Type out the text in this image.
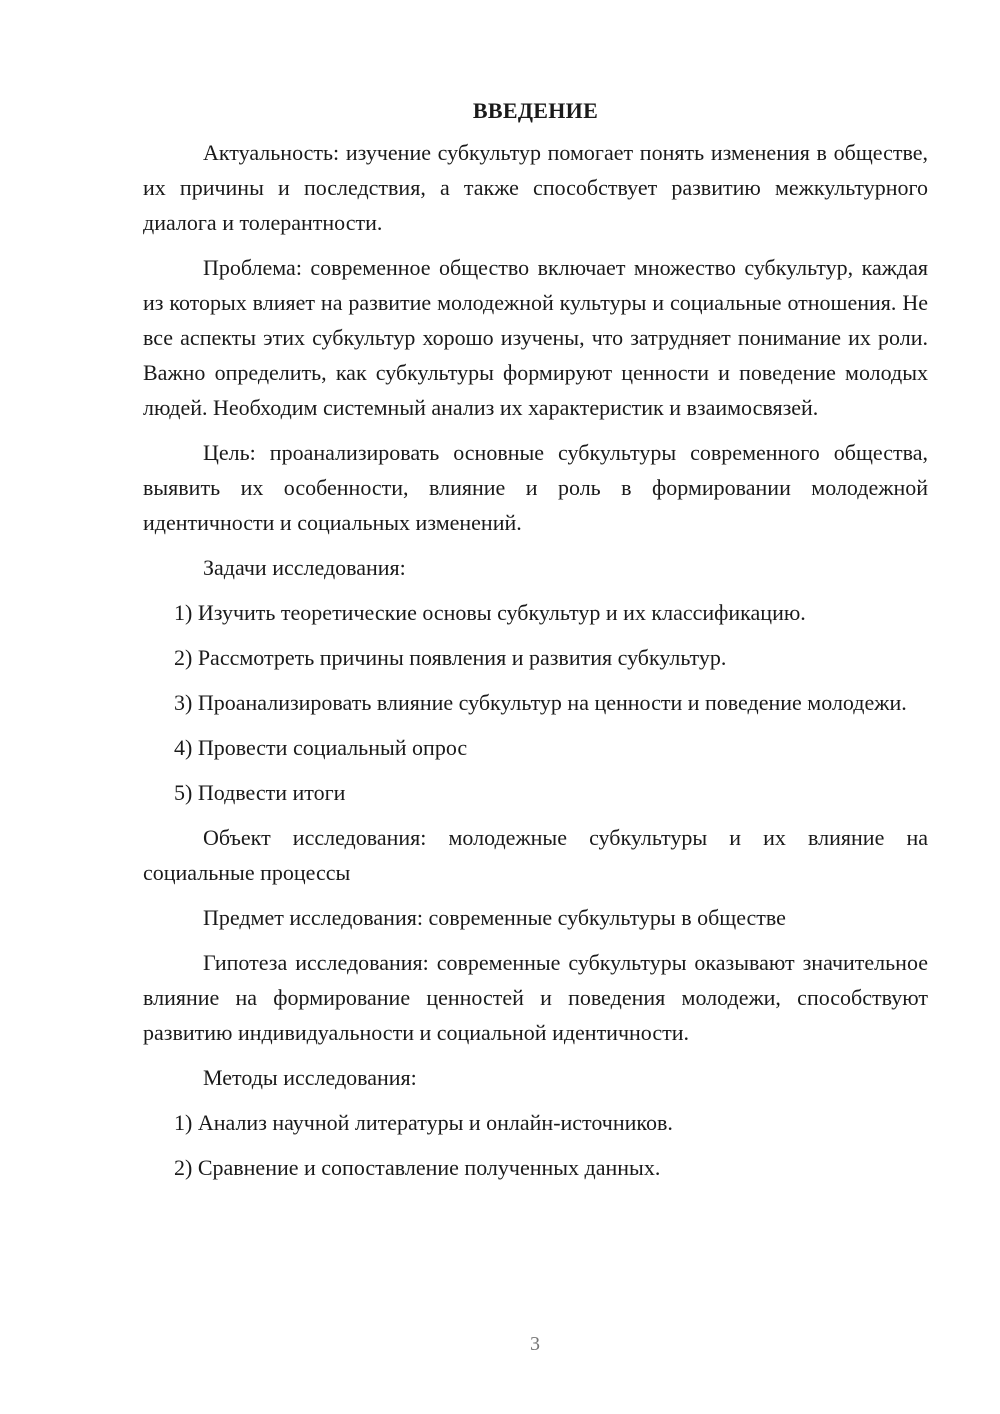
ВВЕДЕНИЕ

Актуальность: изучение субкультур помогает понять изменения в обществе, их причины и последствия, а также способствует развитию межкультурного диалога и толерантности.

Проблема: современное общество включает множество субкультур, каждая из которых влияет на развитие молодежной культуры и социальные отношения. Не все аспекты этих субкультур хорошо изучены, что затрудняет понимание их роли. Важно определить, как субкультуры формируют ценности и поведение молодых людей. Необходим системный анализ их характеристик и взаимосвязей.

Цель: проанализировать основные субкультуры современного общества, выявить их особенности, влияние и роль в формировании молодежной идентичности и социальных изменений.

Задачи исследования:

1) Изучить теоретические основы субкультур и их классификацию.

2) Рассмотреть причины появления и развития субкультур.

3) Проанализировать влияние субкультур на ценности и поведение молодежи.

4) Провести социальный опрос

5) Подвести итоги

Объект исследования: молодежные субкультуры и их влияние на социальные процессы

Предмет исследования: современные субкультуры в обществе

Гипотеза исследования: современные субкультуры оказывают значительное влияние на формирование ценностей и поведения молодежи, способствуют развитию индивидуальности и социальной идентичности.

Методы исследования:

1) Анализ научной литературы и онлайн-источников.

2) Сравнение и сопоставление полученных данных.

3
